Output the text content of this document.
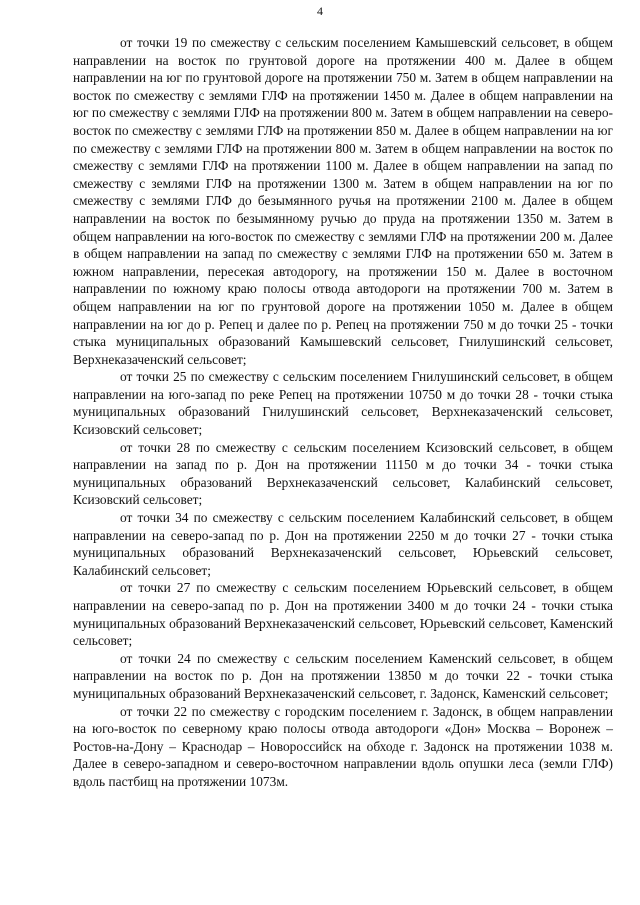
4

от точки 19 по смежеству с сельским поселением Камышевский сельсовет, в общем направлении на восток по грунтовой дороге на протяжении 400 м. Далее в общем направлении на юг по грунтовой дороге на протяжении 750 м. Затем в общем направлении на восток по смежеству с землями ГЛФ на протяжении 1450 м. Далее в общем направлении на юг по смежеству с землями ГЛФ на протяжении 800 м. Затем в общем направлении на северо-восток по смежеству с землями ГЛФ на протяжении 850 м. Далее в общем направлении на юг по смежеству с землями ГЛФ на протяжении 800 м. Затем в общем направлении на восток по смежеству с землями ГЛФ на протяжении 1100 м. Далее в общем направлении на запад по смежеству с землями ГЛФ на протяжении 1300 м. Затем в общем направлении на юг по смежеству с землями ГЛФ до безымянного ручья на протяжении 2100 м. Далее в общем направлении на восток по безымянному ручью до пруда на протяжении 1350 м. Затем в общем направлении на юго-восток по смежеству с землями ГЛФ на протяжении 200 м. Далее в общем направлении на запад по смежеству с землями ГЛФ на протяжении 650 м. Затем в южном направлении, пересекая автодорогу, на протяжении 150 м. Далее в восточном направлении по южному краю полосы отвода автодороги на протяжении 700 м. Затем в общем направлении на юг по грунтовой дороге на протяжении 1050 м. Далее в общем направлении на юг до р. Репец и далее по р. Репец на протяжении 750 м до точки 25 - точки стыка муниципальных образований Камышевский сельсовет, Гнилушинский сельсовет, Верхнеказаченский сельсовет;

от точки 25 по смежеству с сельским поселением Гнилушинский сельсовет, в общем направлении на юго-запад по реке Репец на протяжении 10750 м до точки 28 - точки стыка муниципальных образований Гнилушинский сельсовет, Верхнеказаченский сельсовет, Ксизовский сельсовет;

от точки 28 по смежеству с сельским поселением Ксизовский сельсовет, в общем направлении на запад по р. Дон на протяжении 11150 м до точки 34 - точки стыка муниципальных образований Верхнеказаченский сельсовет, Калабинский сельсовет, Ксизовский сельсовет;

от точки 34 по смежеству с сельским поселением Калабинский сельсовет, в общем направлении на северо-запад по р. Дон на протяжении 2250 м до точки 27 - точки стыка муниципальных образований Верхнеказаченский сельсовет, Юрьевский сельсовет, Калабинский сельсовет;

от точки 27 по смежеству с сельским поселением Юрьевский сельсовет, в общем направлении на северо-запад по р. Дон на протяжении 3400 м до точки 24 - точки стыка муниципальных образований Верхнеказаченский сельсовет, Юрьевский сельсовет, Каменский сельсовет;

от точки 24 по смежеству с сельским поселением Каменский сельсовет, в общем направлении на восток по р. Дон на протяжении 13850 м до точки 22 - точки стыка муниципальных образований Верхнеказаченский сельсовет, г. Задонск, Каменский сельсовет;

от точки 22 по смежеству с городским поселением г. Задонск, в общем направлении на юго-восток по северному краю полосы отвода автодороги «Дон» Москва – Воронеж – Ростов-на-Дону – Краснодар – Новороссийск на обходе г. Задонск на протяжении 1038 м. Далее в северо-западном и северо-восточном направлении вдоль опушки леса (земли ГЛФ) вдоль пастбищ на протяжении 1073м.
